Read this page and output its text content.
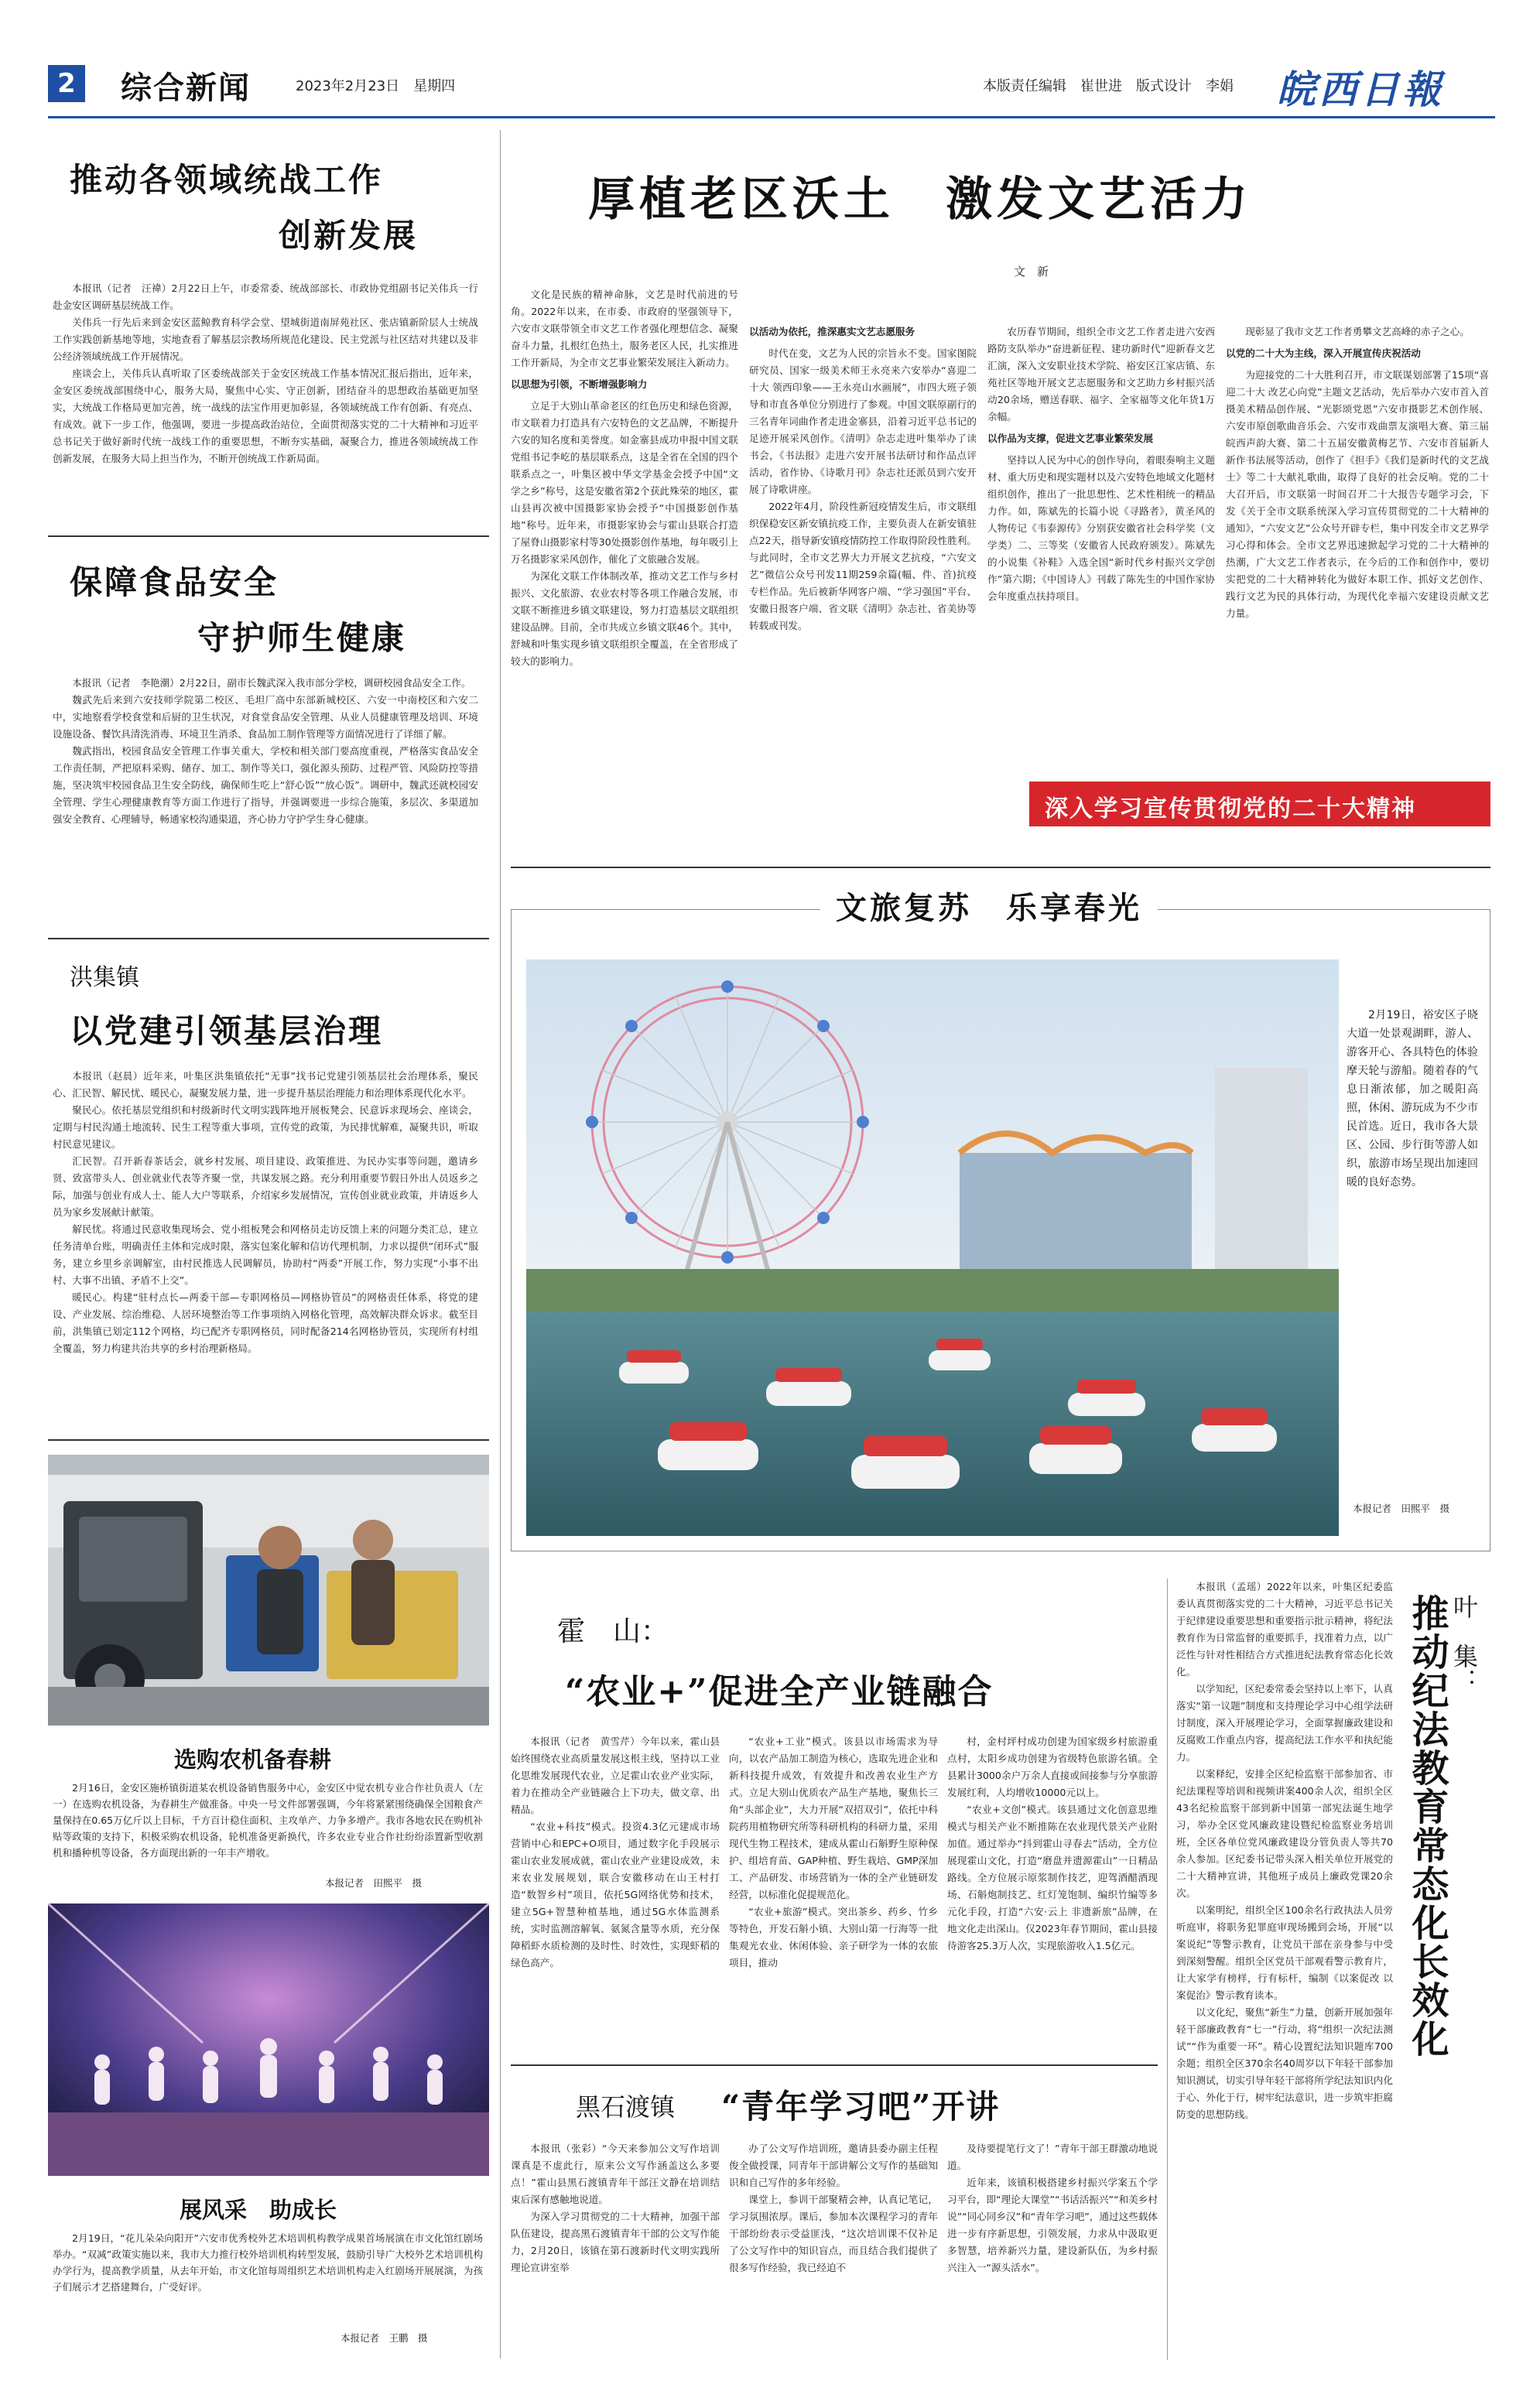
2	综合新闻	2023年2月23日　星期四	本版责任编辑　崔世进　版式设计　李娟 皖西日報
推动各领域统战工作
创新发展

本报讯（记者　汪禕）2月22日上午，市委常委、统战部部长、市政协党组副书记关伟兵一行赴金安区调研基层统战工作。

关伟兵一行先后来到金安区蓝鲸教育科学会堂、望城街道南屏苑社区、张店镇新阶层人士统战工作实践创新基地等地，实地查看了解基层宗教场所规范化建设、民主党派与社区结对共建以及非公经济领域统战工作开展情况。

座谈会上，关伟兵认真听取了区委统战部关于金安区统战工作基本情况汇报后指出，近年来，金安区委统战部围绕中心，服务大局，聚焦中心实、守正创新，团结奋斗的思想政治基础更加坚实，大统战工作格局更加完善，统一战线的法宝作用更加彰显，各领域统战工作有创新、有亮点、有成效。就下一步工作，他强调，要进一步提高政治站位，全面贯彻落实党的二十大精神和习近平总书记关于做好新时代统一战线工作的重要思想，不断夯实基础，凝聚合力，推进各领域统战工作创新发展，在服务大局上担当作为，不断开创统战工作新局面。

保障食品安全
守护师生健康

本报讯（记者　李艳潮）2月22日，副市长魏武深入我市部分学校，调研校园食品安全工作。

魏武先后来到六安技师学院第二校区、毛坦厂高中东部新城校区、六安一中南校区和六安二中，实地察看学校食堂和后厨的卫生状况，对食堂食品安全管理、从业人员健康管理及培训、环境设施设备、餐饮具清洗消毒、环境卫生消杀、食品加工制作管理等方面情况进行了详细了解。

魏武指出，校园食品安全管理工作事关重大，学校和相关部门要高度重视，严格落实食品安全工作责任制，严把原料采购、储存、加工、制作等关口，强化源头预防、过程严管、风险防控等措施，坚决筑牢校园食品卫生安全防线，确保师生吃上“舒心饭”“放心饭”。调研中，魏武还就校园安全管理、学生心理健康教育等方面工作进行了指导，并强调要进一步综合施策，多层次、多渠道加强安全教育、心理辅导，畅通家校沟通渠道，齐心协力守护学生身心健康。

洪集镇
以党建引领基层治理

本报讯（赵晨）近年来，叶集区洪集镇依托“无事”找书记党建引领基层社会治理体系，聚民心、汇民智、解民忧、暖民心，凝聚发展力量，进一步提升基层治理能力和治理体系现代化水平。

聚民心。依托基层党组织和村级新时代文明实践阵地开展板凳会、民意诉求现场会、座谈会，定期与村民沟通土地流转、民生工程等重大事项，宣传党的政策，为民排忧解难，凝聚共识，听取村民意见建议。

汇民智。召开新春茶话会，就乡村发展、项目建设、政策推进、为民办实事等问题，邀请乡贤、致富带头人、创业就业代表等齐聚一堂，共谋发展之路。充分利用重要节假日外出人员返乡之际，加强与创业有成人士、能人大户等联系，介绍家乡发展情况，宣传创业就业政策，并请返乡人员为家乡发展献计献策。

解民忧。将通过民意收集现场会、党小组板凳会和网格员走访反馈上来的问题分类汇总，建立任务清单台账，明确责任主体和完成时限，落实包案化解和信访代理机制，力求以提供“闭环式”服务，建立乡里乡亲调解室，由村民推选人民调解员，协助村“两委”开展工作，努力实现“小事不出村、大事不出镇、矛盾不上交”。

暖民心。构建“驻村点长—两委干部—专职网格员—网格协管员”的网格责任体系，将党的建设、产业发展、综治维稳、人居环境整治等工作事项纳入网格化管理，高效解决群众诉求。截至目前，洪集镇已划定112个网格，均已配齐专职网格员，同时配备214名网格协管员，实现所有村组全覆盖，努力构建共治共享的乡村治理新格局。

选购农机备春耕
2月16日，金安区施桥镇街道某农机设备销售服务中心，金安区中觉农机专业合作社负责人（左一）在选购农机设备，为春耕生产做准备。中央一号文件部署强调，今年将紧紧围绕确保全国粮食产量保持在0.65万亿斤以上目标，千方百计稳住面积、主攻单产、力争多增产。我市各地农民在购机补贴等政策的支持下，积极采购农机设备，轮机准备更新换代，许多农业专业合作社纷纷添置新型收割机和播种机等设备，各方面现出新的一年丰产增收。
本报记者　田熙平　摄
展风采　助成长
2月19日，“花儿朵朵向阳开”六安市优秀校外艺术培训机构教学成果首场展演在市文化馆红剧场举办。“双减”政策实施以来，我市大力推行校外培训机构转型发展，鼓励引导广大校外艺术培训机构办学行为，提高教学质量，从去年开始，市文化馆每周组织艺术培训机构走入红剧场开展展演，为孩子们展示才艺搭建舞台，广受好评。
本报记者　王鹏　摄
厚植老区沃土　激发文艺活力
文　新

文化是民族的精神命脉，文艺是时代前进的号角。2022年以来，在市委、市政府的坚强领导下，六安市文联带领全市文艺工作者强化理想信念、凝聚奋斗力量，扎根红色热土，服务老区人民，扎实推进工作开新局，为全市文艺事业繁荣发展注入新动力。

以思想为引领，不断增强影响力

立足于大别山革命老区的红色历史和绿色资源，市文联着力打造具有六安特色的文艺品牌，不断提升六安的知名度和美誉度。如金寨县成功申报中国文联党组书记李屹的基层联系点，这是全省在全国的四个联系点之一，叶集区被中华文学基金会授予中国“文学之乡”称号，这是安徽省第2个获此殊荣的地区，霍山县再次被中国摄影家协会授予“中国摄影创作基地”称号。近年来，市摄影家协会与霍山县联合打造了屋脊山摄影家村等30处摄影创作基地，每年吸引上万名摄影家采风创作，催化了文旅融合发展。

为深化文联工作体制改革，推动文艺工作与乡村振兴、文化旅游、农业农村等各项工作融合发展，市文联不断推进乡镇文联建设，努力打造基层文联组织建设品牌。目前，全市共成立乡镇文联46个。其中，舒城和叶集实现乡镇文联组织全覆盖，在全省形成了较大的影响力。

以活动为依托，推深惠实文艺志愿服务

时代在变，文艺为人民的宗旨永不变。国家图院研究员、国家一级美术师王永亮来六安举办“喜迎二十大 领西印象——王永亮山水画展”，市四大班子领导和市直各单位分别进行了参观。中国文联原副行的三名青年词曲作者走进金寨县，沿着习近平总书记的足迹开展采风创作。《清明》杂志走进叶集举办了读书会，《书法报》走进六安开展书法研讨和作品点评活动，省作协、《诗歌月刊》杂志社还派员到六安开展了诗歌讲座。

2022年4月，阶段性新冠疫情发生后，市文联组织保稳安区新安镇抗疫工作，主要负责人在新安镇驻点22天，指导新安镇疫情防控工作取得阶段性胜利。与此同时，全市文艺界大力开展文艺抗疫，“六安文艺”微信公众号刊发11期259余篇(幅、件、首)抗疫专栏作品。先后被新华网客户端、“学习强国”平台、安徽日报客户端、省文联《清明》杂志社、省美协等转载或刊发。

农历春节期间，组织全市文艺工作者走进六安西路防支队举办“奋进新征程、建功新时代”迎新春文艺汇演，深入文安职业技术学院、裕安区江家店镇、东苑社区等地开展文艺志愿服务和文艺助力乡村振兴活动20余场，赠送春联、福字、全家福等文化年货1万余幅。

以作品为支撑，促进文艺事业繁荣发展

坚持以人民为中心的创作导向，着眼奏响主义题材、重大历史和现实题材以及六安特色地域文化题材组织创作，推出了一批思想性、艺术性相统一的精品力作。如，陈斌先的长篇小说《寻路者》，黄圣风的人物传记《韦泰源传》分别获安徽省社会科学奖（文学类）二、三等奖（安徽省人民政府颁发）。陈斌先的小说集《补鞋》入选全国“新时代乡村振兴文学创作”第六期；《中国诗人》刊载了陈先生的中国作家协会年度重点扶持项目。

现彰显了我市文艺工作者勇攀文艺高峰的赤子之心。

以党的二十大为主线，深入开展宣传庆祝活动

为迎接党的二十大胜利召开，市文联谋划部署了15项“喜迎二十大 改艺心向党”主题文艺活动，先后举办六安市首入首摄美术精品创作展、“光影颂党恩”六安市摄影艺术创作展、六安市原创歌曲音乐会、六安市戏曲票友演唱大赛、第三届皖西声韵大赛、第二十五届安徽黄梅艺节、六安市首届新人新作书法展等活动，创作了《担手》《我们是新时代的文艺战士》等二十大献礼歌曲，取得了良好的社会反响。党的二十大召开后，市文联第一时间召开二十大报告专题学习会，下发《关于全市文联系统深入学习宣传贯彻党的二十大精神的通知》，“六安文艺”公众号开辟专栏，集中刊发全市文艺界学习心得和体会。全市文艺界迅速掀起学习党的二十大精神的热潮，广大文艺工作者表示，在今后的工作和创作中，要切实把党的二十大精神转化为做好本职工作、抓好文艺创作、践行文艺为民的具体行动，为现代化幸福六安建设贡献文艺力量。

深入学习宣传贯彻党的二十大精神
文旅复苏　乐享春光
2月19日，裕安区子晓大道一处景观湖畔，游人、游客开心、各具特色的体验摩天轮与游船。随着春的气息日渐浓郁，加之暖阳高照，休闲、游玩成为不少市民首选。近日，我市各大景区、公园、步行街等游人如织，旅游市场呈现出加速回暖的良好态势。
本报记者　田熙平　摄
霍　山：
“农业+”促进全产业链融合

本报讯（记者　黄雪芹）今年以来，霍山县始终围绕农业高质量发展这根主线，坚持以工业化思维发展现代农业，立足霍山农业产业实际，着力在推动全产业链融合上下功夫，做文章、出精品。

“农业+科技”模式。投资4.3亿元建成市场营销中心和EPC+O项目，通过数字化手段展示霍山农业发展成就，霍山农业产业建设成效，未来农业发展规划，联合安徽移动在山王村打造“数智乡村”项目，依托5G网络优势和技术，建立5G+智慧种植基地，通过5G水体监测系统，实时监测溶解氧、氨氮含量等水质，充分保障稻虾水质检测的及时性、时效性，实现虾稻的绿色高产。

“农业+工业”模式。该县以市场需求为导向，以农产品加工制造为核心，选取先进企业和新科技提升成效，有效提升和改善农业生产方式。立足大别山优质农产品生产基地，聚焦长三角“头部企业”，大力开展“双招双引”，依托中科院药用植物研究所等科研机构的科研力量，采用现代生物工程技术，建成从霍山石斛野生原种保护、组培育苗、GAP种植、野生栽培、GMP深加工、产品研发、市场营销为一体的全产业链研发经营，以标准化促提规范化。

“农业+旅游”模式。突出茶乡、药乡、竹乡等特色，开发石斛小镇、大别山第一行海等一批集观光农业、休闲体验、亲子研学为一体的农旅项目，推动

村，金村坪村成功创建为国家级乡村旅游重点村，太阳乡成功创建为省级特色旅游名镇。全县累计3000余户万余人直接或间接参与分享旅游发展红利，人均增收10000元以上。

“农业+文创”模式。该县通过文化创意思维模式与相关产业不断推陈在农业现代景关产业附加值。通过举办“抖到霍山寻春去”活动，全方位展现霍山文化，打造“磨盘并遗源霍山”一日精品路线。全方位展示原浆制作技艺，迎驾酒醋酒现场、石斛炮制技艺、红灯笼饱制、编织竹编等多元化手段，打造“六安·云上 非遗新旅”品牌，在地文化走出深山。仅2023年春节期间，霍山县接待游客25.3万人次，实现旅游收入1.5亿元。

黑石渡镇 “青年学习吧”开讲

本报讯（张彩）“今天来参加公文写作培训课真是不虚此行，原来公文写作涵盖这么多要点！”霍山县黑石渡镇青年干部汪文静在培训结束后深有感触地说道。

为深入学习贯彻党的二十大精神，加强干部队伍建设，提高黑石渡镇青年干部的公文写作能力，2月20日，该镇在第石渡新时代文明实践所理论宣讲室举

办了公文写作培训班，邀请县委办副主任程俊全做授课，同青年干部讲解公文写作的基础知识和自己写作的多年经验。

课堂上，参训干部聚精会神，认真记笔记，学习氛围浓厚。课后，参加本次课程学习的青年干部纷纷表示受益匪浅，“这次培训课不仅补足了公文写作中的知识盲点，而且结合我们提供了很多写作经验，我已经迫不

及待要提笔行文了！”青年干部王群激动地说道。

近年来，该镇积极搭建乡村振兴学案五个学习平台，即“理论大课堂”“书话活振兴”“和美乡村说”“同心同乡汉”和“青年学习吧”，通过这些载体进一步有序新思想，引领发展，力求从中汲取更多智慧，培养新兴力量，建设新队伍，为乡村振兴注入一“源头活水”。

本报讯（孟瑶）2022年以来，叶集区纪委监委认真贯彻落实党的二十大精神，习近平总书记关于纪律建设重要思想和重要指示批示精神，将纪法教育作为日常监督的重要抓手，找准着力点，以广泛性与针对性相结合方式推进纪法教育常态化长效化。

以学知纪，区纪委常委会坚持以上率下，认真落实“第一议题”制度和支持理论学习中心组学法研讨制度，深入开展理论学习，全面掌握廉政建设和反腐败工作重点内容，提高纪法工作水平和执纪能力。

以案释纪，安排全区纪检监察干部参加省、市纪法课程等培训和视频讲案400余人次，组织全区43名纪检监察干部到新中国第一部宪法诞生地学习，举办全区党风廉政建设暨纪检监察业务培训班，全区各单位党风廉政建设分管负责人等共70余人参加。区纪委书记带头深入相关单位开展党的二十大精神宣讲，其他班子成员上廉政党课20余次。

以案明纪，组织全区100余名行政执法人员旁听庭审，将职务犯罪庭审现场搬到会场，开展“以案说纪”等警示教育，让党员干部在亲身参与中受到深刻警醒。组织全区党员干部观看警示教育片，让大家学有榜样，行有标杆，编制《以案促改 以案促治》警示教育读本。

以文化纪，聚焦“新生”力量，创新开展加强年轻干部廉政教育“七一”行动，将“组织一次纪法测试”“作为重要一环”。精心设置纪法知识题库700余题；组织全区370余名40周岁以下年轻干部参加知识测试，切实引导年轻干部将所学纪法知识内化于心、外化于行，树牢纪法意识，进一步筑牢拒腐防变的思想防线。

叶　集：
推动纪法教育常态化长效化
